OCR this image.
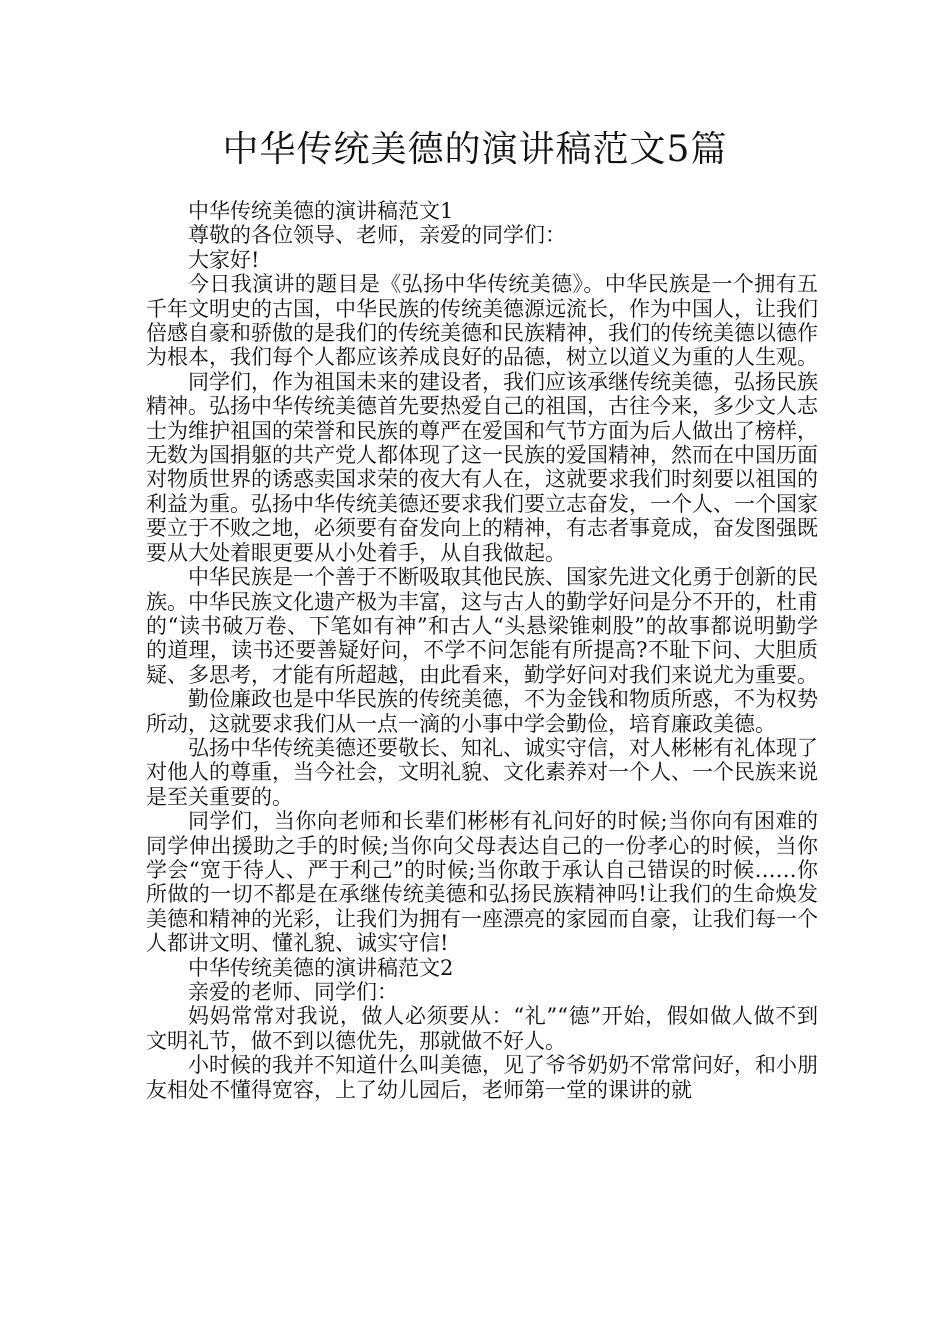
中华传统美德的演讲稿范文5篇

中华传统美德的演讲稿范文1

尊敬的各位领导、老师，亲爱的同学们：

大家好!

今日我演讲的题目是《弘扬中华传统美德》。中华民族是一个拥有五千年文明史的古国，中华民族的传统美德源远流长，作为中国人，让我们倍感自豪和骄傲的是我们的传统美德和民族精神，我们的传统美德以德作为根本，我们每个人都应该养成良好的品德，树立以道义为重的人生观。

同学们，作为祖国未来的建设者，我们应该承继传统美德，弘扬民族精神。弘扬中华传统美德首先要热爱自己的祖国，古往今来，多少文人志士为维护祖国的荣誉和民族的尊严在爱国和气节方面为后人做出了榜样，无数为国捐躯的共产党人都体现了这一民族的爱国精神，然而在中国历面对物质世界的诱惑卖国求荣的夜大有人在，这就要求我们时刻要以祖国的利益为重。弘扬中华传统美德还要求我们要立志奋发，一个人、一个国家要立于不败之地，必须要有奋发向上的精神，有志者事竟成，奋发图强既要从大处着眼更要从小处着手，从自我做起。

中华民族是一个善于不断吸取其他民族、国家先进文化勇于创新的民族。中华民族文化遗产极为丰富，这与古人的勤学好问是分不开的，杜甫的“读书破万卷、下笔如有神”和古人“头悬梁锥刺股”的故事都说明勤学的道理，读书还要善疑好问，不学不问怎能有所提高?不耻下问、大胆质疑、多思考，才能有所超越，由此看来，勤学好问对我们来说尤为重要。

勤俭廉政也是中华民族的传统美德，不为金钱和物质所惑，不为权势所动，这就要求我们从一点一滴的小事中学会勤俭，培育廉政美德。

弘扬中华传统美德还要敬长、知礼、诚实守信，对人彬彬有礼体现了对他人的尊重，当今社会，文明礼貌、文化素养对一个人、一个民族来说是至关重要的。

同学们，当你向老师和长辈们彬彬有礼问好的时候;当你向有困难的同学伸出援助之手的时候;当你向父母表达自己的一份孝心的时候，当你学会“宽于待人、严于利己”的时候;当你敢于承认自己错误的时候……你所做的一切不都是在承继传统美德和弘扬民族精神吗!让我们的生命焕发美德和精神的光彩，让我们为拥有一座漂亮的家园而自豪，让我们每一个人都讲文明、懂礼貌、诚实守信!

中华传统美德的演讲稿范文2

亲爱的老师、同学们：

妈妈常常对我说，做人必须要从：“礼”“德”开始，假如做人做不到文明礼节，做不到以德优先，那就做不好人。

小时候的我并不知道什么叫美德，见了爷爷奶奶不常常问好，和小朋友相处不懂得宽容，上了幼儿园后，老师第一堂的课讲的就
